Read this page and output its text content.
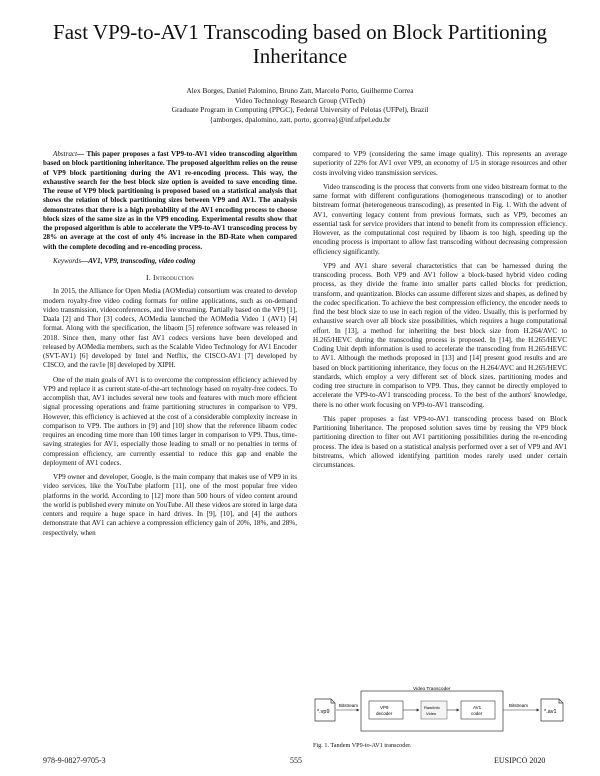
Fast VP9-to-AV1 Transcoding based on Block Partitioning Inheritance
Alex Borges, Daniel Palomino, Bruno Zatt, Marcelo Porto, Guilherme Correa
Video Technology Research Group (ViTech)
Graduate Program in Computing (PPGC), Federal University of Pelotas (UFPel), Brazil
{amborges, dpalomino, zatt, porto, gcorrea}@inf.ufpel.edu.br

Abstract— This paper proposes a fast VP9-to-AV1 video transcoding algorithm based on block partitioning inheritance. The proposed algorithm relies on the reuse of VP9 block partitioning during the AV1 re-encoding process. This way, the exhaustive search for the best block size option is avoided to save encoding time. The reuse of VP9 block partitioning is proposed based on a statistical analysis that shows the relation of block partitioning sizes between VP9 and AV1. The analysis demonstrates that there is a high probability of the AV1 encoding process to choose block sizes of the same size as in the VP9 encoding. Experimental results show that the proposed algorithm is able to accelerate the VP9-to-AV1 transcoding process by 28% on average at the cost of only 4% increase in the BD-Rate when compared with the complete decoding and re-encoding process.

Keywords—AV1, VP9, transcoding, video coding

I. Introduction

In 2015, the Alliance for Open Media (AOMedia) consortium was created to develop modern royalty-free video coding formats for online applications, such as on-demand video transmission, videoconferences, and live streaming. Partially based on the VP9 [1], Daala [2] and Thor [3] codecs, AOMedia launched the AOMedia Video 1 (AV1) [4] format. Along with the specification, the libaom [5] reference software was released in 2018. Since then, many other fast AV1 codecs versions have been developed and released by AOMedia members, such as the Scalable Video Technology for AV1 Encoder (SVT-AV1) [6] developed by Intel and Netflix, the CISCO-AV1 [7] developed by CISCO, and the rav1e [8] developed by XIPH.

One of the main goals of AV1 is to overcome the compression efficiency achieved by VP9 and replace it as current state-of-the-art technology based on royalty-free codecs. To accomplish that, AV1 includes several new tools and features with much more efficient signal processing operations and frame partitioning structures in comparison to VP9. However, this efficiency is achieved at the cost of a considerable complexity increase in comparison to VP9. The authors in [9] and [10] show that the reference libaom codec requires an encoding time more than 100 times larger in comparison to VP9. Thus, time-saving strategies for AV1, especially those leading to small or no penalties in terms of compression efficiency, are currently essential to reduce this gap and enable the deployment of AV1 codecs.

VP9 owner and developer, Google, is the main company that makes use of VP9 in its video services, like the YouTube platform [11], one of the most popular free video platforms in the world. According to [12] more than 500 hours of video content around the world is published every minute on YouTube. All these videos are stored in large data centers and require a huge space in hard drives. In [9], [10], and [4] the authors demonstrate that AV1 can achieve a compression efficiency gain of 20%, 18%, and 28%, respectively, when

compared to VP9 (considering the same image quality). This represents an average superiority of 22% for AV1 over VP9, an economy of 1/5 in storage resources and other costs involving video transmission services.

Video transcoding is the process that converts from one video bitstream format to the same format with different configurations (homogeneous transcoding) or to another bitstream format (heterogeneous transcoding), as presented in Fig. 1. With the advent of AV1, converting legacy content from previous formats, such as VP9, becomes an essential task for service providers that intend to benefit from its compression efficiency. However, as the computational cost required by libaom is too high, speeding up the encoding process is important to allow fast transcoding without decreasing compression efficiency significantly.

VP9 and AV1 share several characteristics that can be harnessed during the transcoding process. Both VP9 and AV1 follow a block-based hybrid video coding process, as they divide the frame into smaller parts called blocks for prediction, transform, and quantization. Blocks can assume different sizes and shapes, as defined by the codec specification. To achieve the best compression efficiency, the encoder needs to find the best block size to use in each region of the video. Usually, this is performed by exhaustive search over all block size possibilities, which requires a huge computational effort. In [13], a method for inheriting the best block size from H.264/AVC to H.265/HEVC during the transcoding process is proposed. In [14], the H.265/HEVC Coding Unit depth information is used to accelerate the transcoding from H.265/HEVC to AV1. Although the methods proposed in [13] and [14] present good results and are based on block partitioning inheritance, they focus on the H.264/AVC and H.265/HEVC standards, which employ a very different set of block sizes, partitioning modes and coding tree structure in comparison to VP9. Thus, they cannot be directly employed to accelerate the VP9-to-AV1 transcoding process. To the best of the authors' knowledge, there is no other work focusing on VP9-to-AV1 transcoding.

This paper proposes a fast VP9-to-AV1 transcoding process based on Block Partitioning Inheritance. The proposed solution saves time by reusing the VP9 block partitioning direction to filter out AV1 partitioning possibilities during the re-encoding process. The idea is based on a statistical analysis performed over a set of VP9 and AV1 bitstreams, which allowed identifying partition modes rarely used under certain circumstances.

*.vp9
Bitstream
Video Transcoder
VP9
decoder
Raw/Info
Video
AV1
coder
Bitstream
*.av1
Fig. 1. Tandem VP9-to-AV1 transcoder.
978-9-0827-9705-3	555	EUSIPCO 2020
